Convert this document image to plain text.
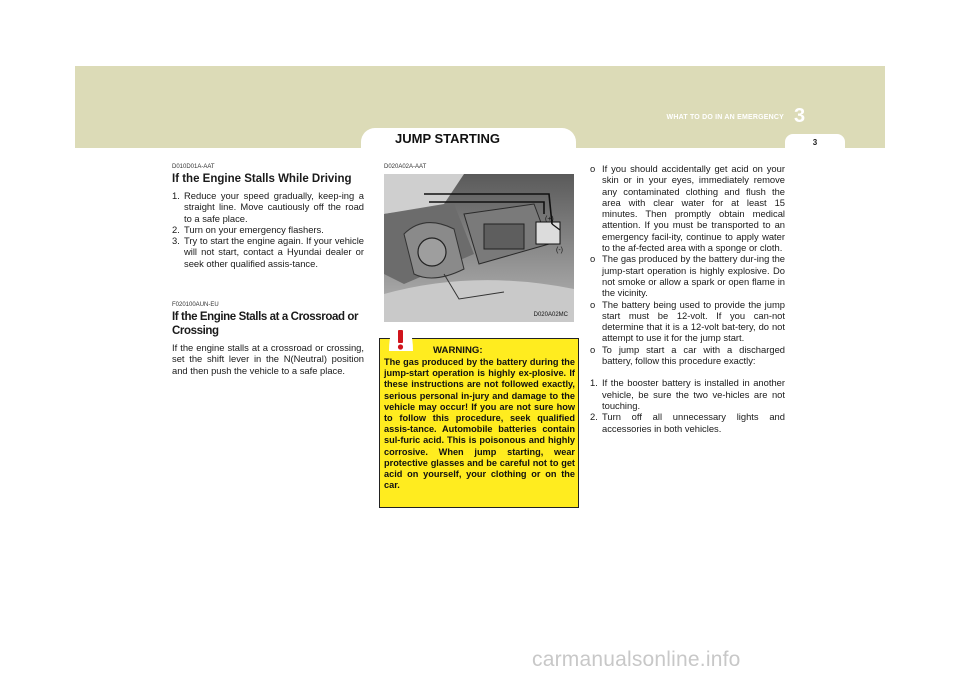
WHAT TO DO IN AN EMERGENCY 3
3
JUMP STARTING
D010D01A-AAT
If the Engine Stalls While Driving
1. Reduce your speed gradually, keep-ing a straight line. Move cautiously off the road to a safe place.
2. Turn on your emergency flashers.
3. Try to start the engine again. If your vehicle will not start, contact a Hyundai dealer or seek other qualified assis-tance.
F020100AUN-EU
If the Engine Stalls at a Crossroad or Crossing
If the engine stalls at a crossroad or crossing, set the shift lever in the N(Neutral) position and then push the vehicle to a safe place.
D020A02A-AAT
(+)
(-)
D020A02MC
WARNING:
The gas produced by the battery during the jump-start operation is highly ex-plosive. If these instructions are not followed exactly, serious personal in-jury and damage to the vehicle may occur! If you are not sure how to follow this procedure, seek qualified assis-tance. Automobile batteries contain sul-furic acid. This is poisonous and highly corrosive. When jump starting, wear protective glasses and be careful not to get acid on yourself, your clothing or on the car.
o If you should accidentally get acid on your skin or in your eyes, immediately remove any contaminated clothing and flush the area with clear water for at least 15 minutes. Then promptly obtain medical attention. If you must be transported to an emergency facil-ity, continue to apply water to the af-fected area with a sponge or cloth.
o The gas produced by the battery dur-ing the jump-start operation is highly explosive. Do not smoke or allow a spark or open flame in the vicinity.
o The battery being used to provide the jump start must be 12-volt. If you can-not determine that it is a 12-volt bat-tery, do not attempt to use it for the jump start.
o To jump start a car with a discharged battery, follow this procedure exactly:
1. If the booster battery is installed in another vehicle, be sure the two ve-hicles are not touching.
2. Turn off all unnecessary lights and accessories in both vehicles.
carmanualsonline.info
